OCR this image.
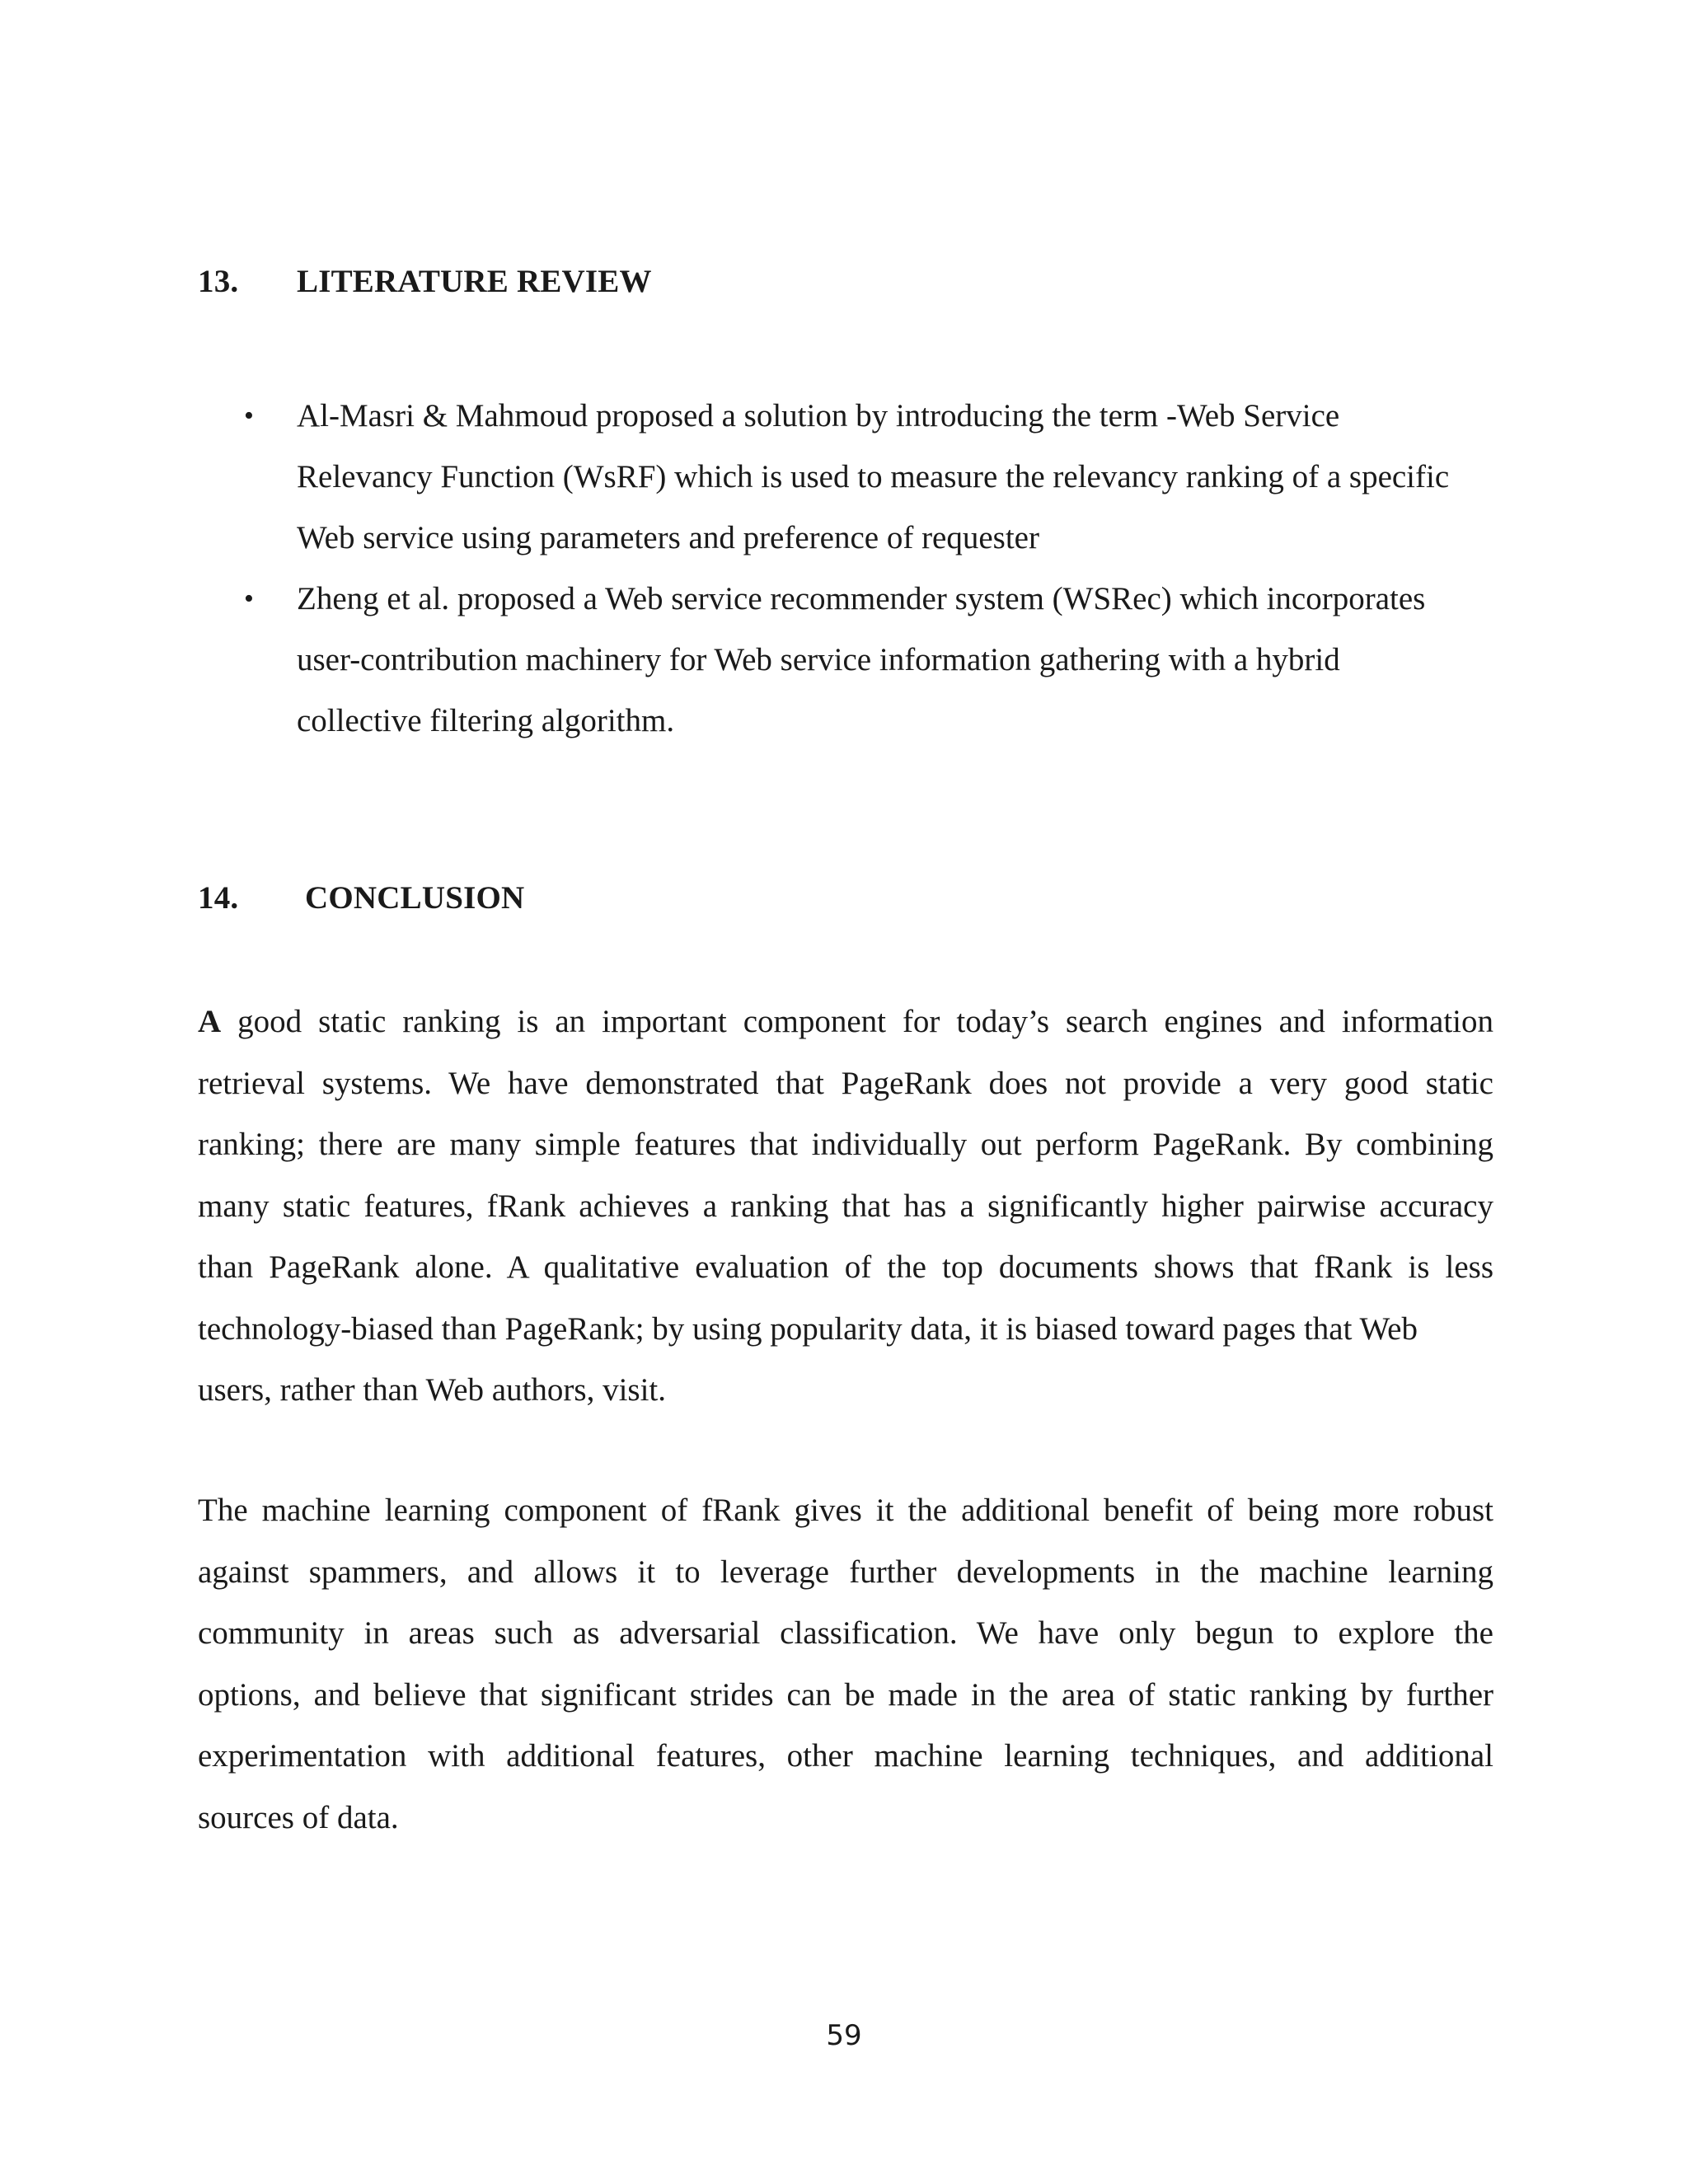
13. LITERATURE REVIEW
• Al-Masri & Mahmoud proposed a solution by introducing the term -Web Service
Relevancy Function (WsRF) which is used to measure the relevancy ranking of a specific
Web service using parameters and preference of requester
• Zheng et al. proposed a Web service recommender system (WSRec) which incorporates
user-contribution machinery for Web service information gathering with a hybrid
collective filtering algorithm.
14. CONCLUSION
A good static ranking is an important component for today’s search engines and information
retrieval systems. We have demonstrated that PageRank does not provide a very good static
ranking; there are many simple features that individually out perform PageRank. By combining
many static features, fRank achieves a ranking that has a significantly higher pairwise accuracy
than PageRank alone. A qualitative evaluation of the top documents shows that fRank is less
technology-biased than PageRank; by using popularity data, it is biased toward pages that Web
users, rather than Web authors, visit.
The machine learning component of fRank gives it the additional benefit of being more robust
against spammers, and allows it to leverage further developments in the machine learning
community in areas such as adversarial classification. We have only begun to explore the
options, and believe that significant strides can be made in the area of static ranking by further
experimentation with additional features, other machine learning techniques, and additional
sources of data.
59
